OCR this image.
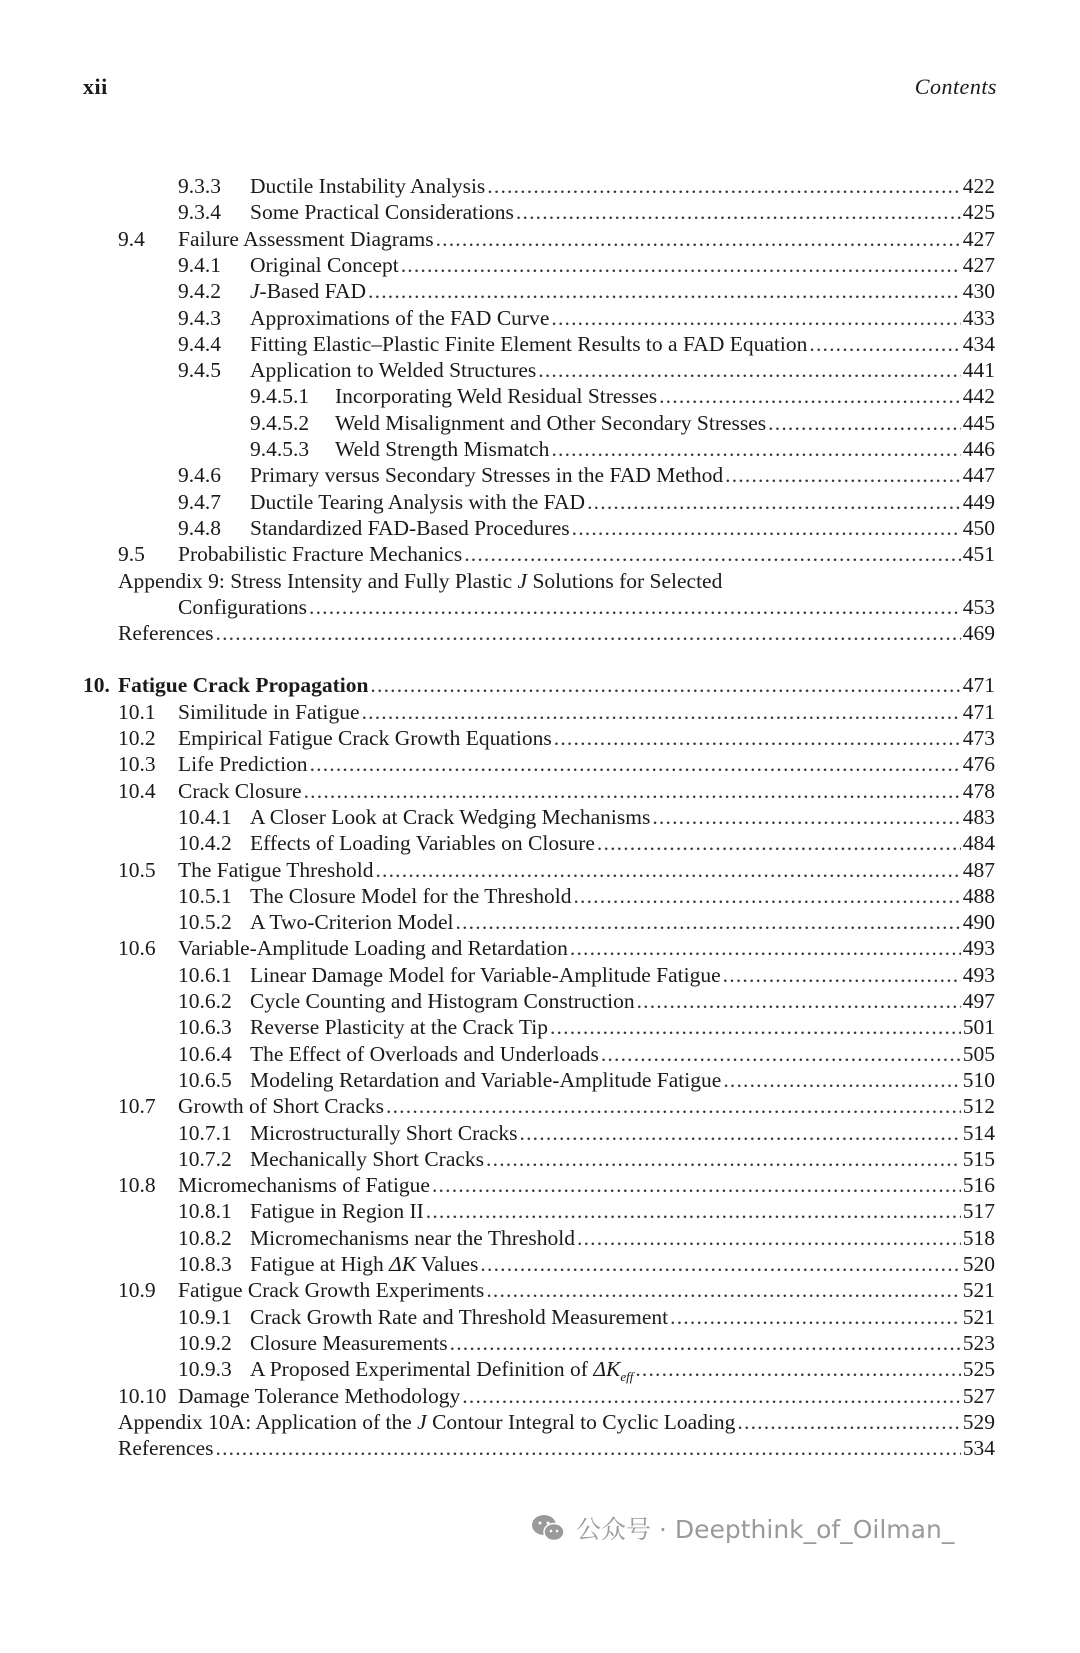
xii	Contents
9.3.3 Ductile Instability Analysis .....	422
9.3.4 Some Practical Considerations .....	425
9.4 Failure Assessment Diagrams .....	427
9.4.1 Original Concept .....	427
9.4.2 J-Based FAD .....	430
9.4.3 Approximations of the FAD Curve .....	433
9.4.4 Fitting Elastic–Plastic Finite Element Results to a FAD Equation .....	434
9.4.5 Application to Welded Structures .....	441
9.4.5.1 Incorporating Weld Residual Stresses .....	442
9.4.5.2 Weld Misalignment and Other Secondary Stresses .....	445
9.4.5.3 Weld Strength Mismatch .....	446
9.4.6 Primary versus Secondary Stresses in the FAD Method .....	447
9.4.7 Ductile Tearing Analysis with the FAD .....	449
9.4.8 Standardized FAD-Based Procedures .....	450
9.5 Probabilistic Fracture Mechanics .....	451
Appendix 9: Stress Intensity and Fully Plastic J Solutions for Selected
Configurations .....	453
References .....	469
10. Fatigue Crack Propagation .....	471
10.1 Similitude in Fatigue .....	471
10.2 Empirical Fatigue Crack Growth Equations .....	473
10.3 Life Prediction .....	476
10.4 Crack Closure .....	478
10.4.1 A Closer Look at Crack Wedging Mechanisms .....	483
10.4.2 Effects of Loading Variables on Closure .....	484
10.5 The Fatigue Threshold .....	487
10.5.1 The Closure Model for the Threshold .....	488
10.5.2 A Two-Criterion Model .....	490
10.6 Variable-Amplitude Loading and Retardation .....	493
10.6.1 Linear Damage Model for Variable-Amplitude Fatigue .....	493
10.6.2 Cycle Counting and Histogram Construction .....	497
10.6.3 Reverse Plasticity at the Crack Tip .....	501
10.6.4 The Effect of Overloads and Underloads .....	505
10.6.5 Modeling Retardation and Variable-Amplitude Fatigue .....	510
10.7 Growth of Short Cracks .....	512
10.7.1 Microstructurally Short Cracks .....	514
10.7.2 Mechanically Short Cracks .....	515
10.8 Micromechanisms of Fatigue .....	516
10.8.1 Fatigue in Region II .....	517
10.8.2 Micromechanisms near the Threshold .....	518
10.8.3 Fatigue at High ΔK Values .....	520
10.9 Fatigue Crack Growth Experiments .....	521
10.9.1 Crack Growth Rate and Threshold Measurement .....	521
10.9.2 Closure Measurements .....	523
10.9.3 A Proposed Experimental Definition of $\Delta K_{eff}$ .....	525
10.10 Damage Tolerance Methodology .....	527
Appendix 10A: Application of the J Contour Integral to Cyclic Loading .....	529
References .....	534
公众号 · Deepthink_of_Oilman_
